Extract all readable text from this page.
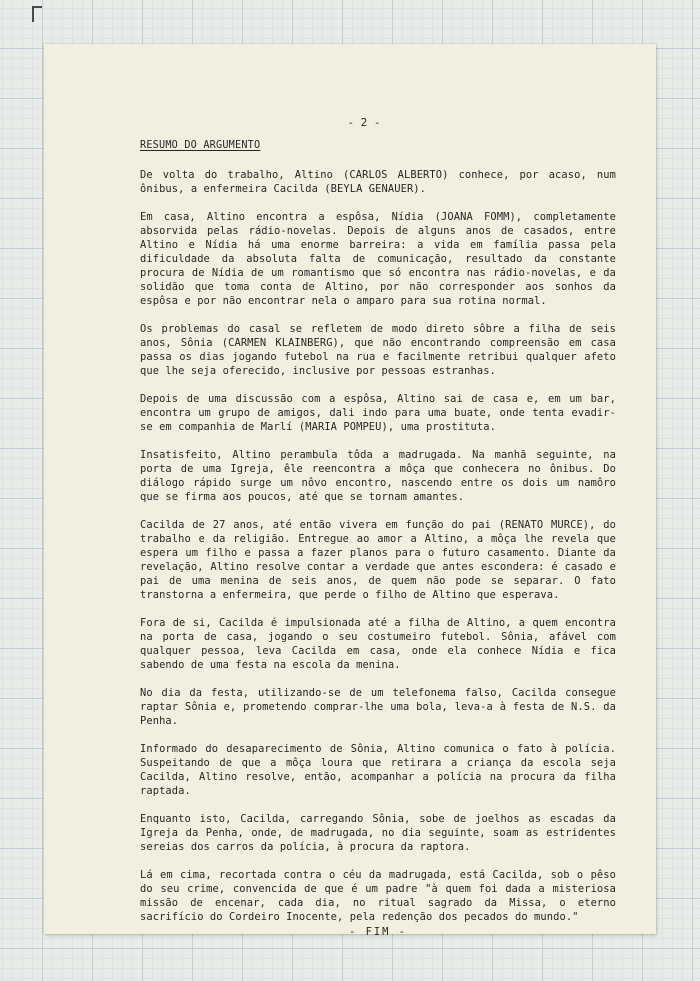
- 2 -
RESUMO DO ARGUMENTO

De volta do trabalho, Altino (CARLOS ALBERTO) conhece, por acaso, num ônibus, a enfermeira Cacilda (BEYLA GENAUER).

Em casa, Altino encontra a espôsa, Nídia (JOANA FOMM), completamente absorvida pelas rádio-novelas. Depois de alguns anos de casados, entre Altino e Nídia há uma enorme barreira: a vida em família passa pela dificuldade da absoluta falta de comunicação, resultado da constante procura de Nídia de um romantismo que só encontra nas rádio-novelas, e da solidão que toma conta de Altino, por não corresponder aos sonhos da espôsa e por não encontrar nela o amparo para sua rotina normal.

Os problemas do casal se refletem de modo direto sôbre a filha de seis anos, Sônia (CARMEN KLAINBERG), que não encontrando compreensão em casa passa os dias jogando futebol na rua e facilmente retribui qualquer afeto que lhe seja oferecido, inclusive por pessoas estranhas.

Depois de uma discussão com a espôsa, Altino sai de casa e, em um bar, encontra um grupo de amigos, dali indo para uma buate, onde tenta evadir-se em companhia de Marlí (MARIA POMPEU), uma prostituta.

Insatisfeito, Altino perambula tôda a madrugada. Na manhã seguinte, na porta de uma Igreja, êle reencontra a môça que conhecera no ônibus. Do diálogo rápido surge um nôvo encontro, nascendo entre os dois um namôro que se firma aos poucos, até que se tornam amantes.

Cacilda de 27 anos, até então vivera em função do pai (RENATO MURCE), do trabalho e da religião. Entregue ao amor a Altino, a môça lhe revela que espera um filho e passa a fazer planos para o futuro casamento. Diante da revelação, Altino resolve contar a verdade que antes escondera: é casado e pai de uma menina de seis anos, de quem não pode se separar. O fato transtorna a enfermeira, que perde o filho de Altino que esperava.

Fora de si, Cacilda é impulsionada até a filha de Altino, a quem encontra na porta de casa, jogando o seu costumeiro futebol. Sônia, afável com qualquer pessoa, leva Cacilda em casa, onde ela conhece Nídia e fica sabendo de uma festa na escola da menina.

No dia da festa, utilizando-se de um telefonema falso, Cacilda consegue raptar Sônia e, prometendo comprar-lhe uma bola, leva-a à festa de N.S. da Penha.

Informado do desaparecimento de Sônia, Altino comunica o fato à polícia. Suspeitando de que a môça loura que retirara a criança da escola seja Cacilda, Altino resolve, então, acompanhar a polícia na procura da filha raptada.

Enquanto isto, Cacilda, carregando Sônia, sobe de joelhos as escadas da Igreja da Penha, onde, de madrugada, no dia seguinte, soam as estridentes sereias dos carros da polícia, à procura da raptora.

Lá em cima, recortada contra o céu da madrugada, está Cacilda, sob o pêso do seu crime, convencida de que é um padre "à quem foi dada a misteriosa missão de encenar, cada dia, no ritual sagrado da Missa, o eterno sacrifício do Cordeiro Inocente, pela redenção dos pecados do mundo."

- FIM -
